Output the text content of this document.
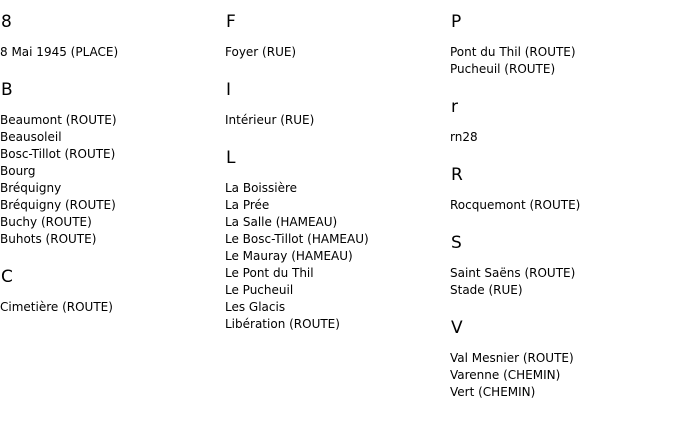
8
8 Mai 1945 (PLACE)
B
Beaumont (ROUTE)
Beausoleil
Bosc-Tillot (ROUTE)
Bourg
Bréquigny
Bréquigny (ROUTE)
Buchy (ROUTE)
Buhots (ROUTE)
C
Cimetière (ROUTE)
F
Foyer (RUE)
I
Intérieur (RUE)
L
La Boissière
La Prée
La Salle (HAMEAU)
Le Bosc-Tillot (HAMEAU)
Le Mauray (HAMEAU)
Le Pont du Thil
Le Pucheuil
Les Glacis
Libération (ROUTE)
P
Pont du Thil (ROUTE)
Pucheuil (ROUTE)
r
rn28
R
Rocquemont (ROUTE)
S
Saint Saëns (ROUTE)
Stade (RUE)
V
Val Mesnier (ROUTE)
Varenne (CHEMIN)
Vert (CHEMIN)
